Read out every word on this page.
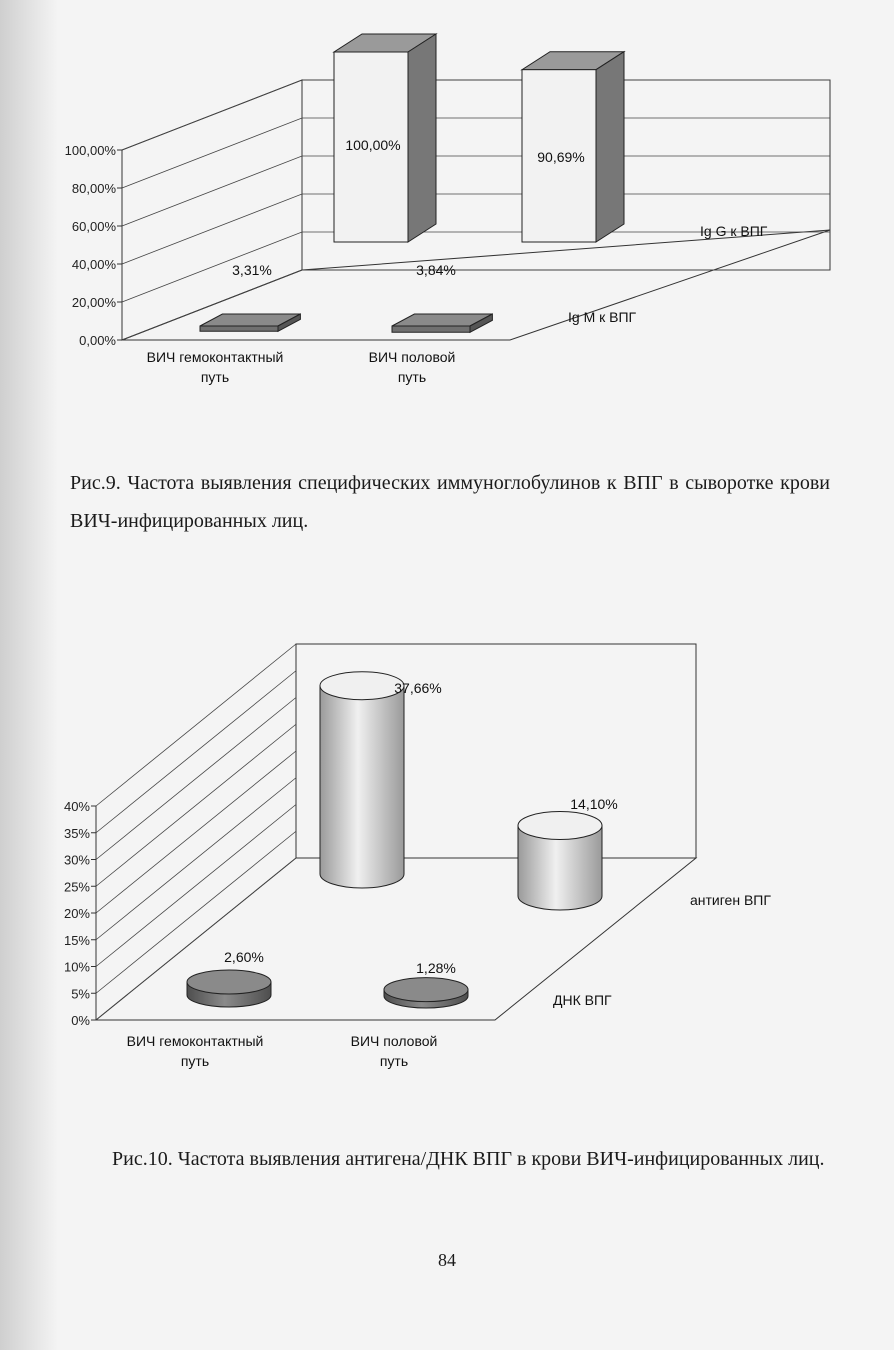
0,00%
20,00%
40,00%
60,00%
80,00%
100,00%
ВИЧ гемоконтактный
путь
ВИЧ половой
путь
3,31%	3,84%
100,00%
90,69%
Ig G к ВПГ
Ig M к ВПГ
Рис.9. Частота выявления специфических иммуноглобулинов к ВПГ в сыворотке крови ВИЧ-инфицированных лиц.
0%
5%
10%
15%
20%
25%
30%
35%
40%
ВИЧ гемоконтактный
путь
ВИЧ половой
путь
37,66%
14,10%
2,60%
1,28%
антиген ВПГ
ДНК ВПГ
Рис.10. Частота выявления антигена/ДНК ВПГ в крови ВИЧ-инфицированных лиц.
84
